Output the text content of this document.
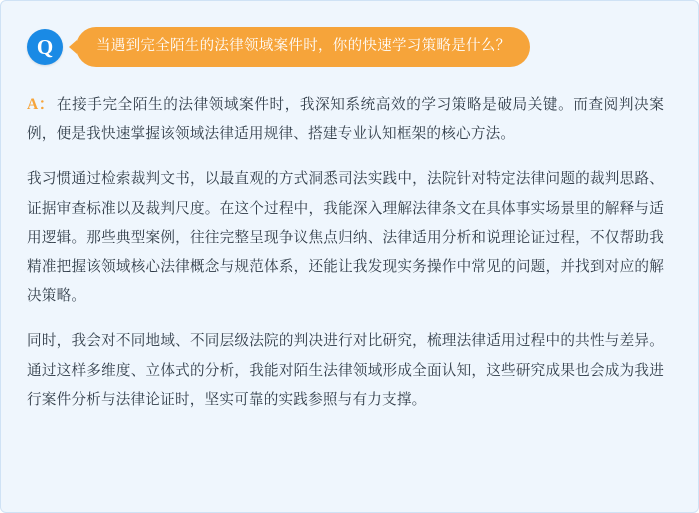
Q	当遇到完全陌生的法律领域案件时，你的快速学习策略是什么？

A： 在接手完全陌生的法律领域案件时，我深知系统高效的学习策略是破局关键。而查阅判决案例，便是我快速掌握该领域法律适用规律、搭建专业认知框架的核心方法。

我习惯通过检索裁判文书，以最直观的方式洞悉司法实践中，法院针对特定法律问题的裁判思路、证据审查标准以及裁判尺度。在这个过程中，我能深入理解法律条文在具体事实场景里的解释与适用逻辑。那些典型案例，往往完整呈现争议焦点归纳、法律适用分析和说理论证过程，不仅帮助我精准把握该领域核心法律概念与规范体系，还能让我发现实务操作中常见的问题，并找到对应的解决策略。

同时，我会对不同地域、不同层级法院的判决进行对比研究，梳理法律适用过程中的共性与差异。通过这样多维度、立体式的分析，我能对陌生法律领域形成全面认知，这些研究成果也会成为我进行案件分析与法律论证时，坚实可靠的实践参照与有力支撑。
